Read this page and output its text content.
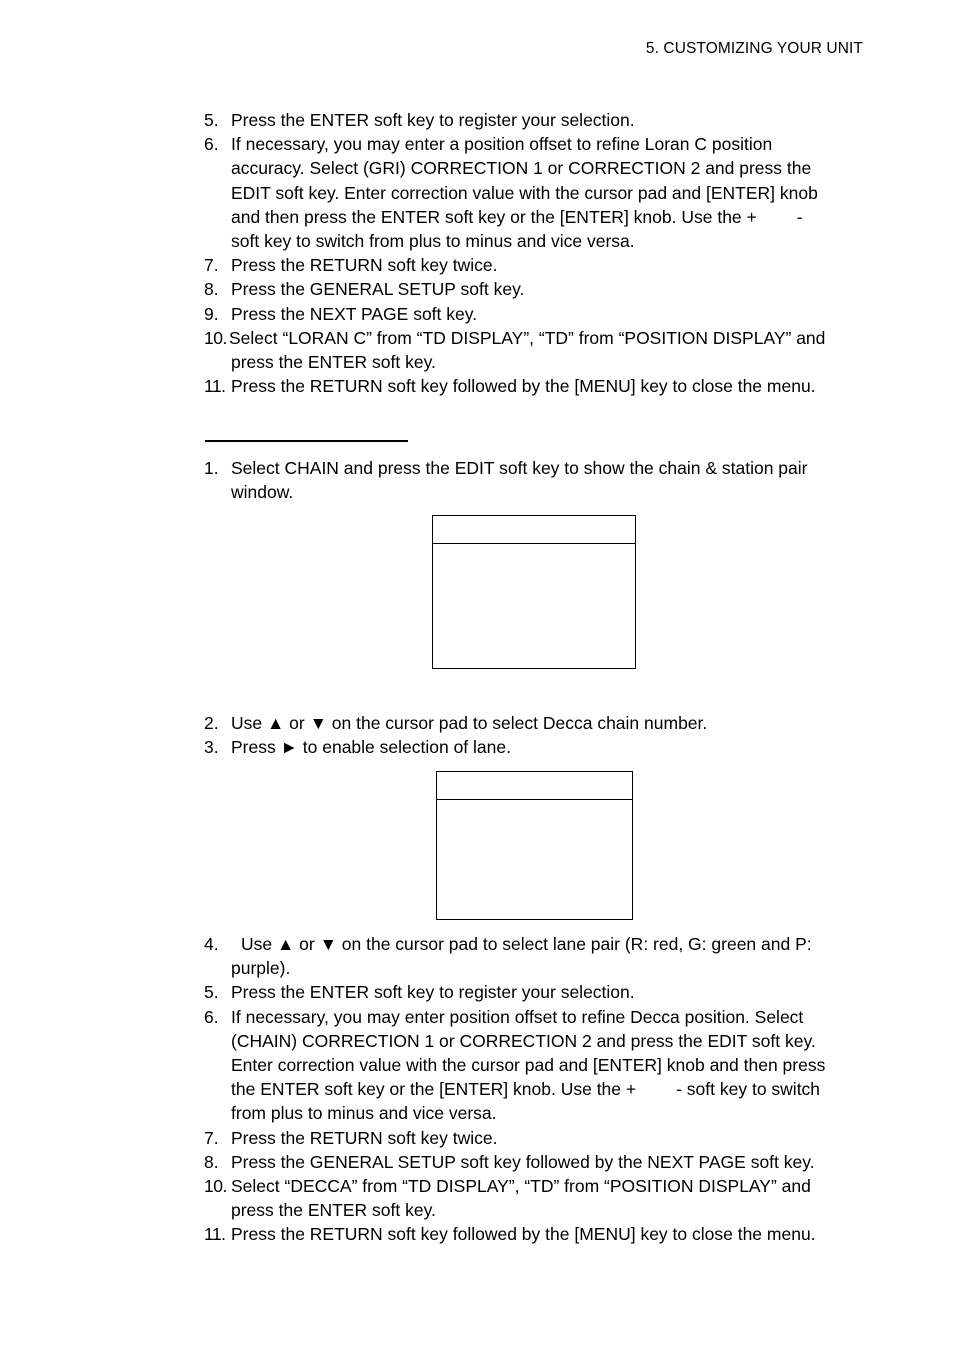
5. CUSTOMIZING YOUR UNIT
5. Press the ENTER soft key to register your selection.
6. If necessary, you may enter a position offset to refine Loran C position
accuracy. Select (GRI) CORRECTION 1 or CORRECTION 2 and press the
EDIT soft key. Enter correction value with the cursor pad and [ENTER] knob
and then press the ENTER soft key or the [ENTER] knob. Use the + -
soft key to switch from plus to minus and vice versa.
7. Press the RETURN soft key twice.
8. Press the GENERAL SETUP soft key.
9. Press the NEXT PAGE soft key.
10. Select “LORAN C” from “TD DISPLAY”, “TD” from “POSITION DISPLAY” and
press the ENTER soft key.
11. Press the RETURN soft key followed by the [MENU] key to close the menu.
1. Select CHAIN and press the EDIT soft key to show the chain & station pair
window.
2. Use ▲ or ▼ on the cursor pad to select Decca chain number.
3. Press ► to enable selection of lane.
4. Use ▲ or ▼ on the cursor pad to select lane pair (R: red, G: green and P:
purple).
5. Press the ENTER soft key to register your selection.
6. If necessary, you may enter position offset to refine Decca position. Select
(CHAIN) CORRECTION 1 or CORRECTION 2 and press the EDIT soft key.
Enter correction value with the cursor pad and [ENTER] knob and then press
the ENTER soft key or the [ENTER] knob. Use the + - soft key to switch
from plus to minus and vice versa.
7. Press the RETURN soft key twice.
8. Press the GENERAL SETUP soft key followed by the NEXT PAGE soft key.
10. Select “DECCA” from “TD DISPLAY”, “TD” from “POSITION DISPLAY” and
press the ENTER soft key.
11. Press the RETURN soft key followed by the [MENU] key to close the menu.
